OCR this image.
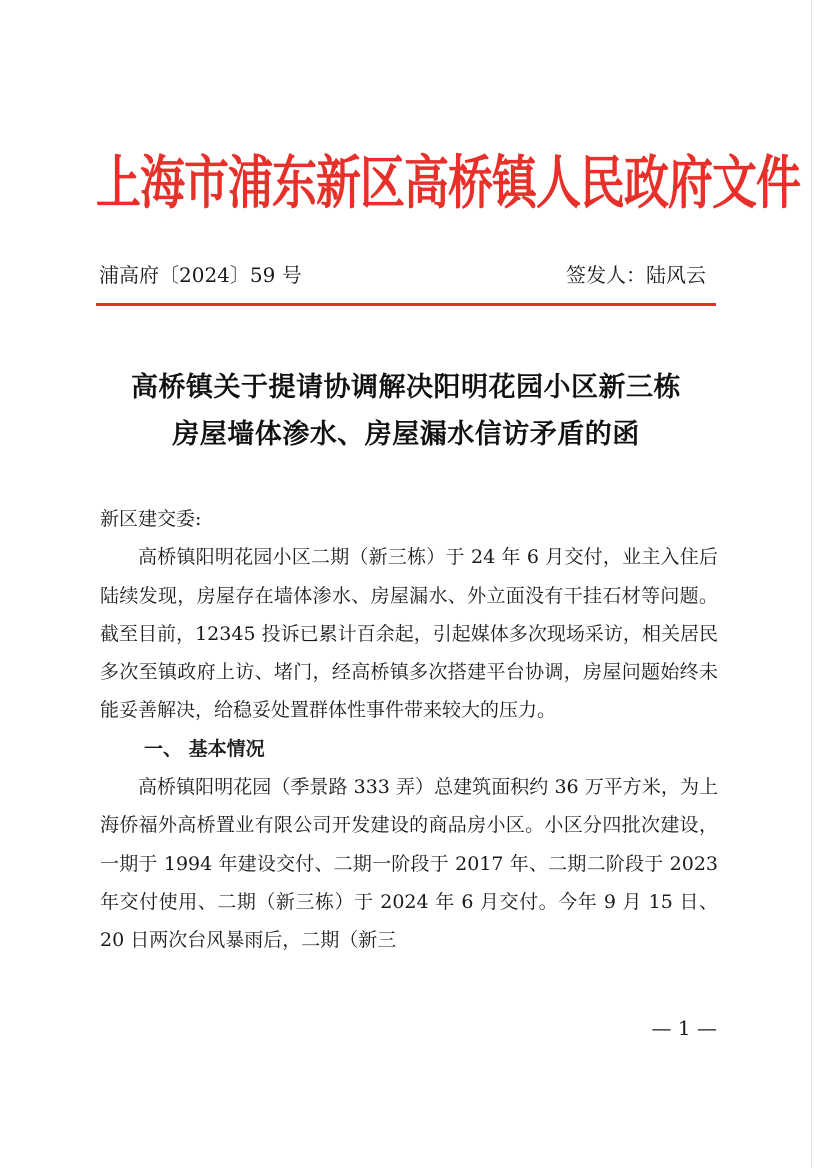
上海市浦东新区高桥镇人民政府文件
浦高府〔2024〕59 号	签发人：陆风云
高桥镇关于提请协调解决阳明花园小区新三栋
房屋墙体渗水、房屋漏水信访矛盾的函
新区建交委:
高桥镇阳明花园小区二期（新三栋）于 24 年 6 月交付，业主入住后陆续发现，房屋存在墙体渗水、房屋漏水、外立面没有干挂石材等问题。截至目前，12345 投诉已累计百余起，引起媒体多次现场采访，相关居民多次至镇政府上访、堵门，经高桥镇多次搭建平台协调，房屋问题始终未能妥善解决，给稳妥处置群体性事件带来较大的压力。
一、 基本情况
高桥镇阳明花园（季景路 333 弄）总建筑面积约 36 万平方米，为上海侨福外高桥置业有限公司开发建设的商品房小区。小区分四批次建设，一期于 1994 年建设交付、二期一阶段于 2017 年、二期二阶段于 2023 年交付使用、二期（新三栋）于 2024 年 6 月交付。今年 9 月 15 日、20 日两次台风暴雨后，二期（新三
— 1 —
